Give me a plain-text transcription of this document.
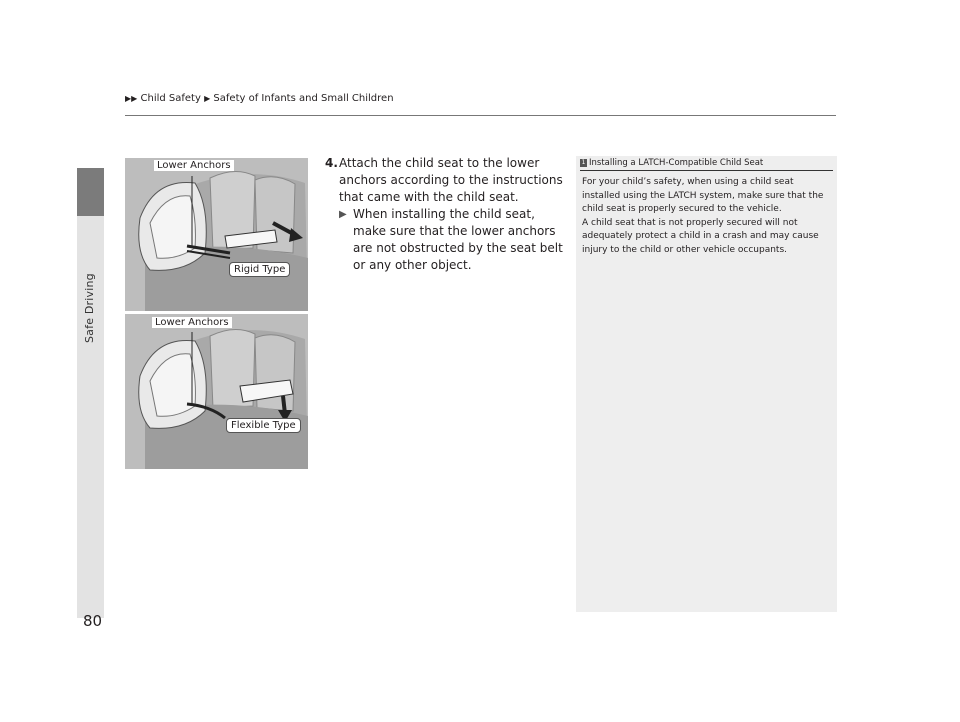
Safe Driving
▶▶ Child Safety ▶ Safety of Infants and Small Children
Lower Anchors
Rigid Type
Lower Anchors
Flexible Type
4. Attach the child seat to the lower anchors according to the instructions that came with the child seat.
▶ When installing the child seat, make sure that the lower anchors are not obstructed by the seat belt or any other object.
1 Installing a LATCH-Compatible Child Seat
For your child’s safety, when using a child seat installed using the LATCH system, make sure that the child seat is properly secured to the vehicle.
A child seat that is not properly secured will not adequately protect a child in a crash and may cause injury to the child or other vehicle occupants.
80
